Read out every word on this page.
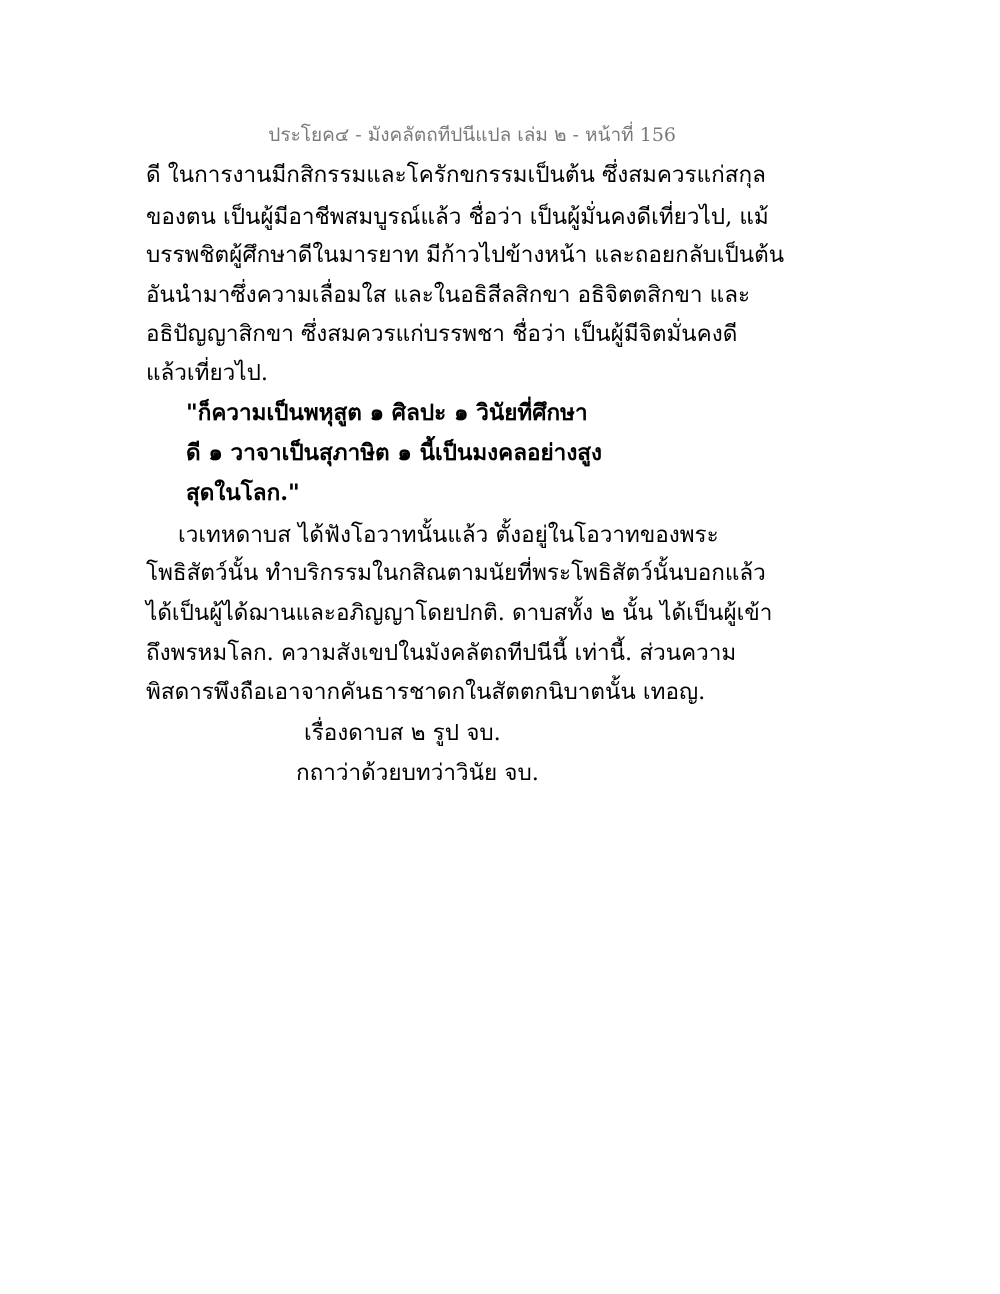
ประโยค๔ - มังคลัตถทีปนีแปล เล่ม ๒ - หน้าที่ 156
ดี ในการงานมีกสิกรรมและโครักขกรรมเป็นต้น ซึ่งสมควรแก่สกุล
ของตน เป็นผู้มีอาชีพสมบูรณ์แล้ว ชื่อว่า เป็นผู้มั่นคงดีเที่ยวไป, แม้
บรรพชิตผู้ศึกษาดีในมารยาท มีก้าวไปข้างหน้า และถอยกลับเป็นต้น
อันนำมาซึ่งความเลื่อมใส และในอธิสีลสิกขา อธิจิตตสิกขา และ
อธิปัญญาสิกขา ซึ่งสมควรแก่บรรพชา ชื่อว่า เป็นผู้มีจิตมั่นคงดี
แล้วเที่ยวไป.
"ก็ความเป็นพหุสูต ๑ ศิลปะ ๑ วินัยที่ศึกษา
ดี ๑ วาจาเป็นสุภาษิต ๑ นี้เป็นมงคลอย่างสูง
สุดในโลก."
เวเทหดาบส ได้ฟังโอวาทนั้นแล้ว ตั้งอยู่ในโอวาทของพระ
โพธิสัตว์นั้น ทำบริกรรมในกสิณตามนัยที่พระโพธิสัตว์นั้นบอกแล้ว
ได้เป็นผู้ได้ฌานและอภิญญาโดยปกติ. ดาบสทั้ง ๒ นั้น ได้เป็นผู้เข้า
ถึงพรหมโลก. ความสังเขปในมังคลัตถทีปนีนี้ เท่านี้. ส่วนความ
พิสดารพึงถือเอาจากคันธารชาดกในสัตตกนิบาตนั้น เทอญ.
เรื่องดาบส ๒ รูป จบ.
กถาว่าด้วยบทว่าวินัย จบ.
